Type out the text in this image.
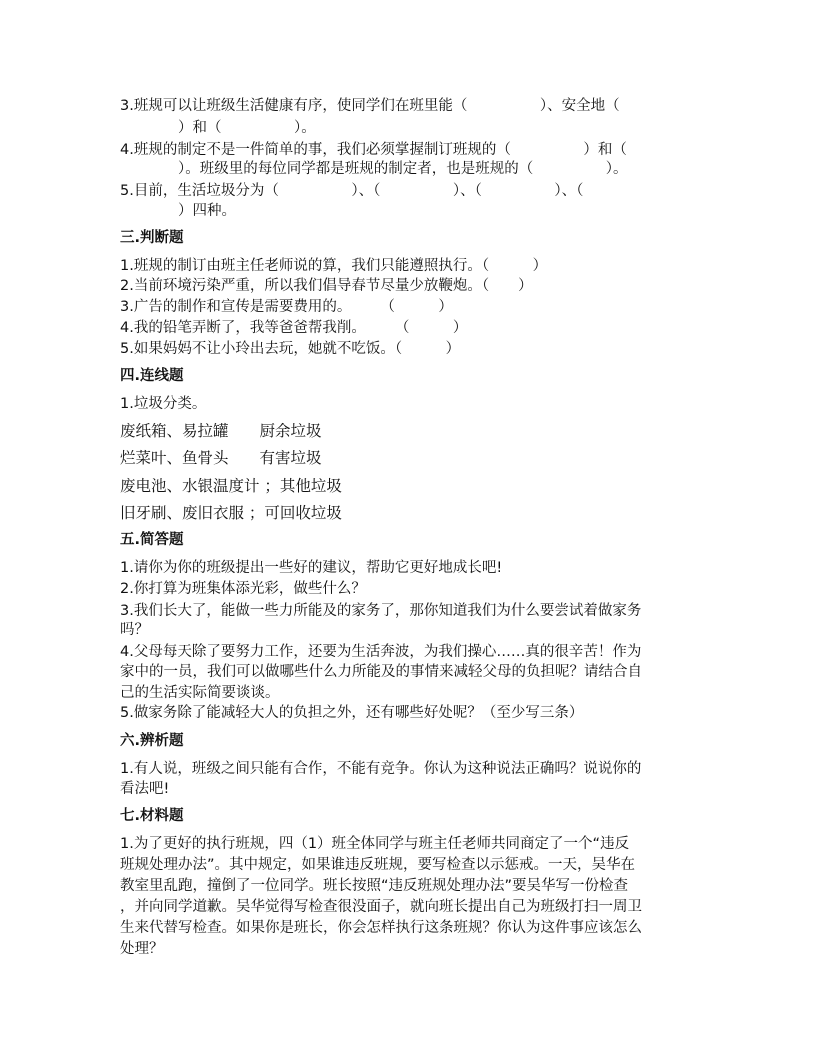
3.班规可以让班级生活健康有序，使同学们在班里能（　　　　　）、安全地（
　　　　）和（　　　　　）。
4.班规的制定不是一件简单的事，我们必须掌握制订班规的（　　　　　）和（
　　　　）。班级里的每位同学都是班规的制定者，也是班规的（　　　　　）。
5.目前，生活垃圾分为（　　　　　）、（　　　　　）、（　　　　　）、（
　　　　）四种。
三.判断题
1.班规的制订由班主任老师说的算，我们只能遵照执行。（　　　）
2.当前环境污染严重，所以我们倡导春节尽量少放鞭炮。（　　）
3.广告的制作和宣传是需要费用的。　　　（　　　）
4.我的铅笔弄断了，我等爸爸帮我削。　　　（　　　）
5.如果妈妈不让小玲出去玩，她就不吃饭。（　　　）
四.连线题
1.垃圾分类。
废纸箱、易拉罐　　厨余垃圾
烂菜叶、鱼骨头　　有害垃圾
废电池、水银温度计 ；其他垃圾
旧牙刷、废旧衣服 ；可回收垃圾
五.简答题
1.请你为你的班级提出一些好的建议，帮助它更好地成长吧!
2.你打算为班集体添光彩，做些什么？
3.我们长大了，能做一些力所能及的家务了，那你知道我们为什么要尝试着做家务
吗？
4.父母每天除了要努力工作，还要为生活奔波，为我们操心……真的很辛苦！作为
家中的一员，我们可以做哪些什么力所能及的事情来减轻父母的负担呢？请结合自
己的生活实际简要谈谈。
5.做家务除了能减轻大人的负担之外，还有哪些好处呢？（至少写三条）
六.辨析题
1.有人说，班级之间只能有合作，不能有竞争。你认为这种说法正确吗？说说你的
看法吧!
七.材料题
1.为了更好的执行班规，四（1）班全体同学与班主任老师共同商定了一个“违反
班规处理办法”。其中规定，如果谁违反班规，要写检查以示惩戒。一天，吴华在
教室里乱跑，撞倒了一位同学。班长按照“违反班规处理办法”要吴华写一份检查
，并向同学道歉。吴华觉得写检查很没面子，就向班长提出自己为班级打扫一周卫
生来代替写检查。如果你是班长，你会怎样执行这条班规？你认为这件事应该怎么
处理？
